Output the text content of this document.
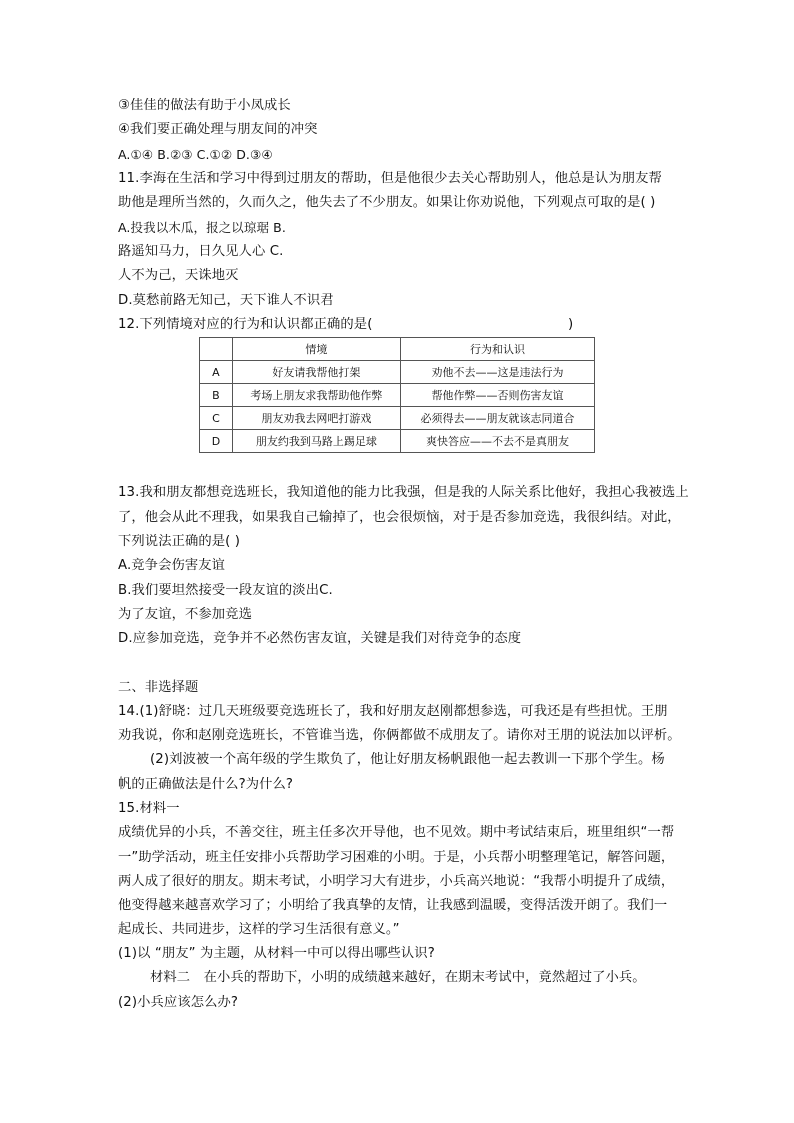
③佳佳的做法有助于小凤成长
④我们要正确处理与朋友间的冲突
A.①④ B.②③ C.①② D.③④
11.李海在生活和学习中得到过朋友的帮助，但是他很少去关心帮助别人，他总是认为朋友帮
助他是理所当然的，久而久之，他失去了不少朋友。如果让你劝说他，下列观点可取的是( )
A.投我以木瓜，报之以琼琚 B.
路遥知马力，日久见人心 C.
人不为己，天诛地灭
D.莫愁前路无知己，天下谁人不识君
12.下列情境对应的行为和认识都正确的是(	)
	情境	行为和认识
A	好友请我帮他打架	劝他不去——这是违法行为
B	考场上朋友求我帮助他作弊	帮他作弊——否则伤害友谊
C	朋友劝我去网吧打游戏	必须得去——朋友就该志同道合
D	朋友约我到马路上踢足球	爽快答应——不去不是真朋友
13.我和朋友都想竞选班长，我知道他的能力比我强，但是我的人际关系比他好，我担心我被选上
了，他会从此不理我，如果我自己输掉了，也会很烦恼，对于是否参加竞选，我很纠结。对此，
下列说法正确的是( )
A.竞争会伤害友谊
B.我们要坦然接受一段友谊的淡出C.
为了友谊，不参加竞选
D.应参加竞选，竞争并不必然伤害友谊，关键是我们对待竞争的态度
二、非选择题
14.(1)舒晓：过几天班级要竞选班长了，我和好朋友赵刚都想参选，可我还是有些担忧。王朋
劝我说，你和赵刚竞选班长，不管谁当选，你俩都做不成朋友了。请你对王朋的说法加以评析。
(2)刘波被一个高年级的学生欺负了，他让好朋友杨帆跟他一起去教训一下那个学生。杨
帆的正确做法是什么?为什么?
15.材料一
成绩优异的小兵，不善交往，班主任多次开导他，也不见效。期中考试结束后，班里组织“一帮
一”助学活动，班主任安排小兵帮助学习困难的小明。于是，小兵帮小明整理笔记，解答问题，
两人成了很好的朋友。期末考试，小明学习大有进步，小兵高兴地说：“我帮小明提升了成绩，
他变得越来越喜欢学习了；小明给了我真挚的友情，让我感到温暖，变得活泼开朗了。我们一
起成长、共同进步，这样的学习生活很有意义。”
(1)以 “朋友” 为主题，从材料一中可以得出哪些认识?
材料二　在小兵的帮助下，小明的成绩越来越好，在期末考试中，竟然超过了小兵。
(2)小兵应该怎么办?
